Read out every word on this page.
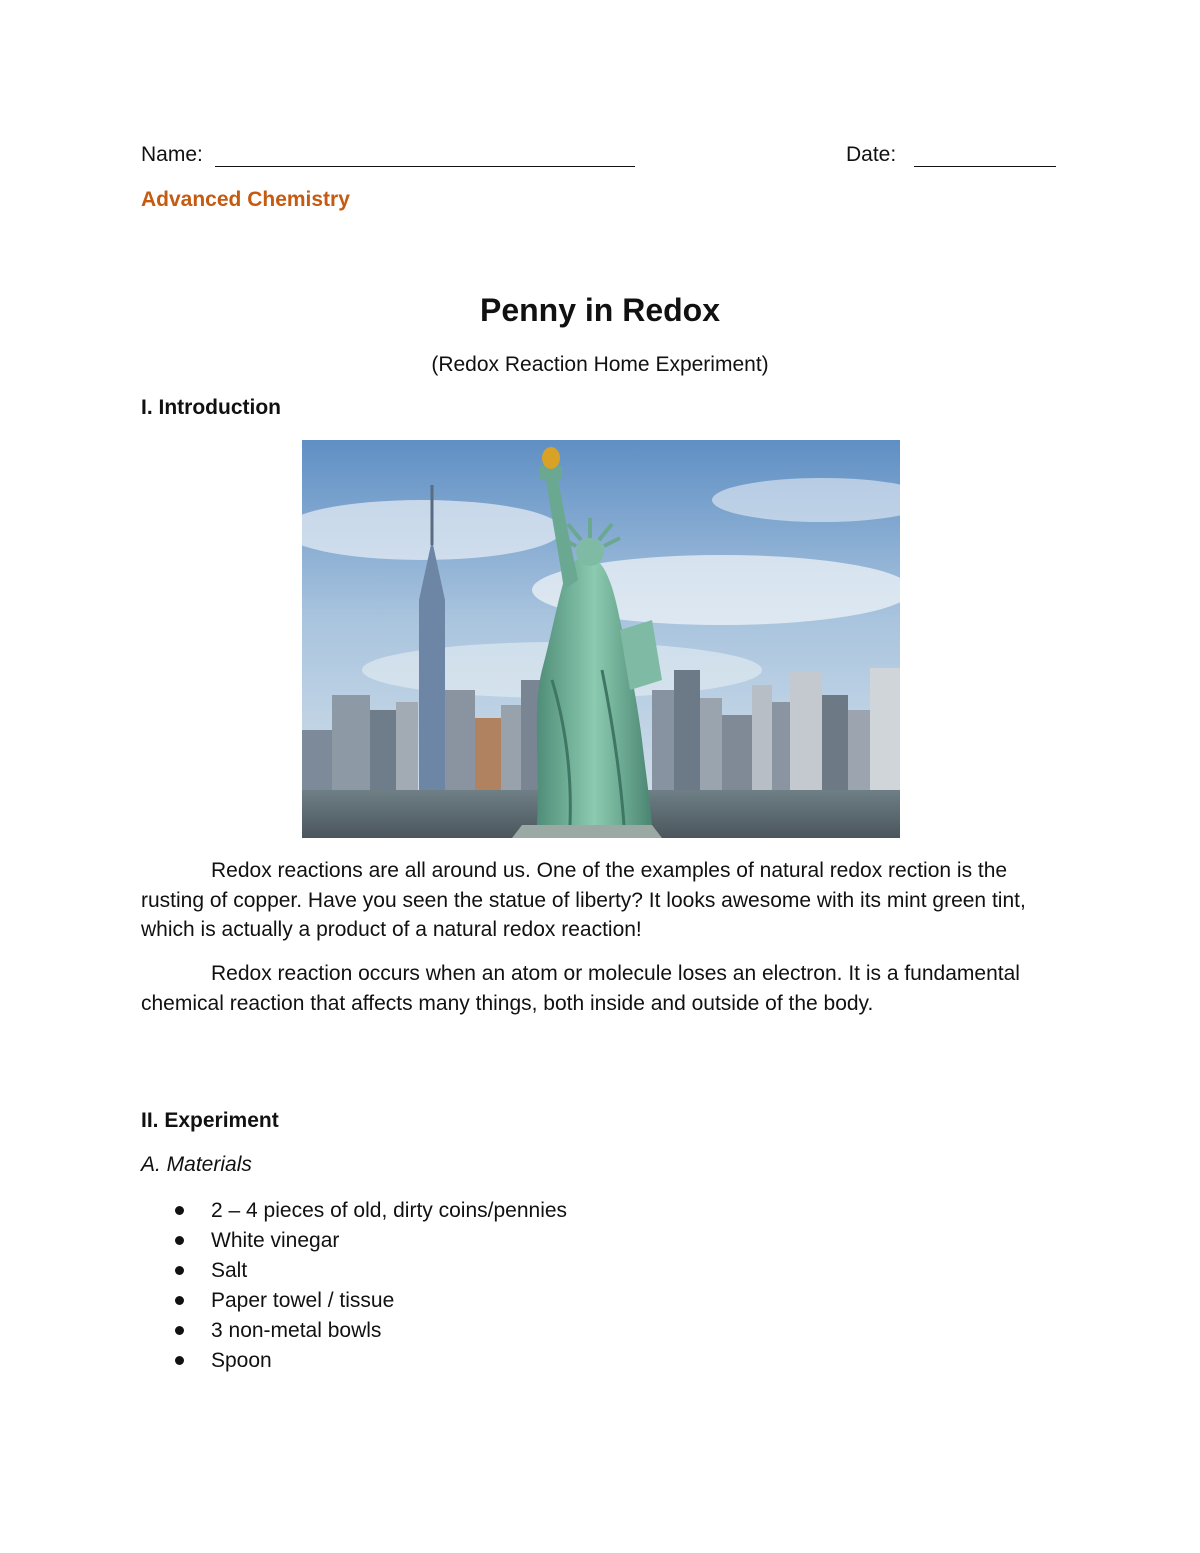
Name:	Date:
Advanced Chemistry
Penny in Redox
(Redox Reaction Home Experiment)
I. Introduction
Redox reactions are all around us. One of the examples of natural redox rection is the rusting of copper. Have you seen the statue of liberty? It looks awesome with its mint green tint, which is actually a product of a natural redox reaction!
Redox reaction occurs when an atom or molecule loses an electron. It is a fundamental chemical reaction that affects many things, both inside and outside of the body.
II. Experiment
A. Materials
2 – 4 pieces of old, dirty coins/pennies
White vinegar
Salt
Paper towel / tissue
3 non-metal bowls
Spoon
